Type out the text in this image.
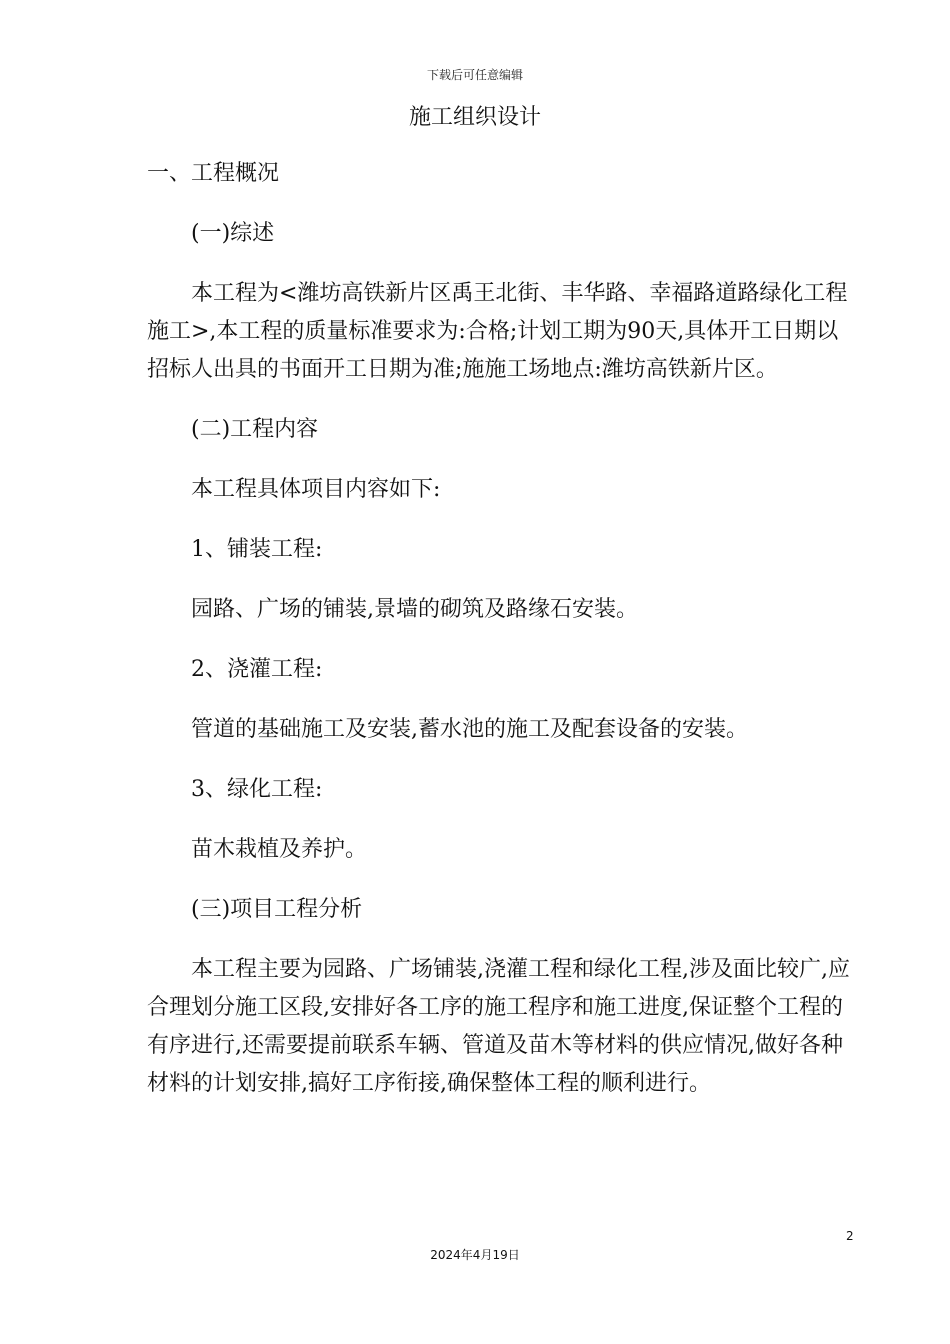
下载后可任意编辑
施工组织设计
一、工程概况
(一)综述
本工程为<潍坊高铁新片区禹王北街、丰华路、幸福路道路绿化工程施工>,本工程的质量标准要求为:合格;计划工期为90天,具体开工日期以招标人出具的书面开工日期为准;施施工场地点:潍坊高铁新片区。
(二)工程内容
本工程具体项目内容如下:
1、铺装工程:
园路、广场的铺装,景墙的砌筑及路缘石安装。
2、浇灌工程:
管道的基础施工及安装,蓄水池的施工及配套设备的安装。
3、绿化工程:
苗木栽植及养护。
(三)项目工程分析
本工程主要为园路、广场铺装,浇灌工程和绿化工程,涉及面比较广,应合理划分施工区段,安排好各工序的施工程序和施工进度,保证整个工程的有序进行,还需要提前联系车辆、管道及苗木等材料的供应情况,做好各种材料的计划安排,搞好工序衔接,确保整体工程的顺利进行。
2
2024年4月19日
